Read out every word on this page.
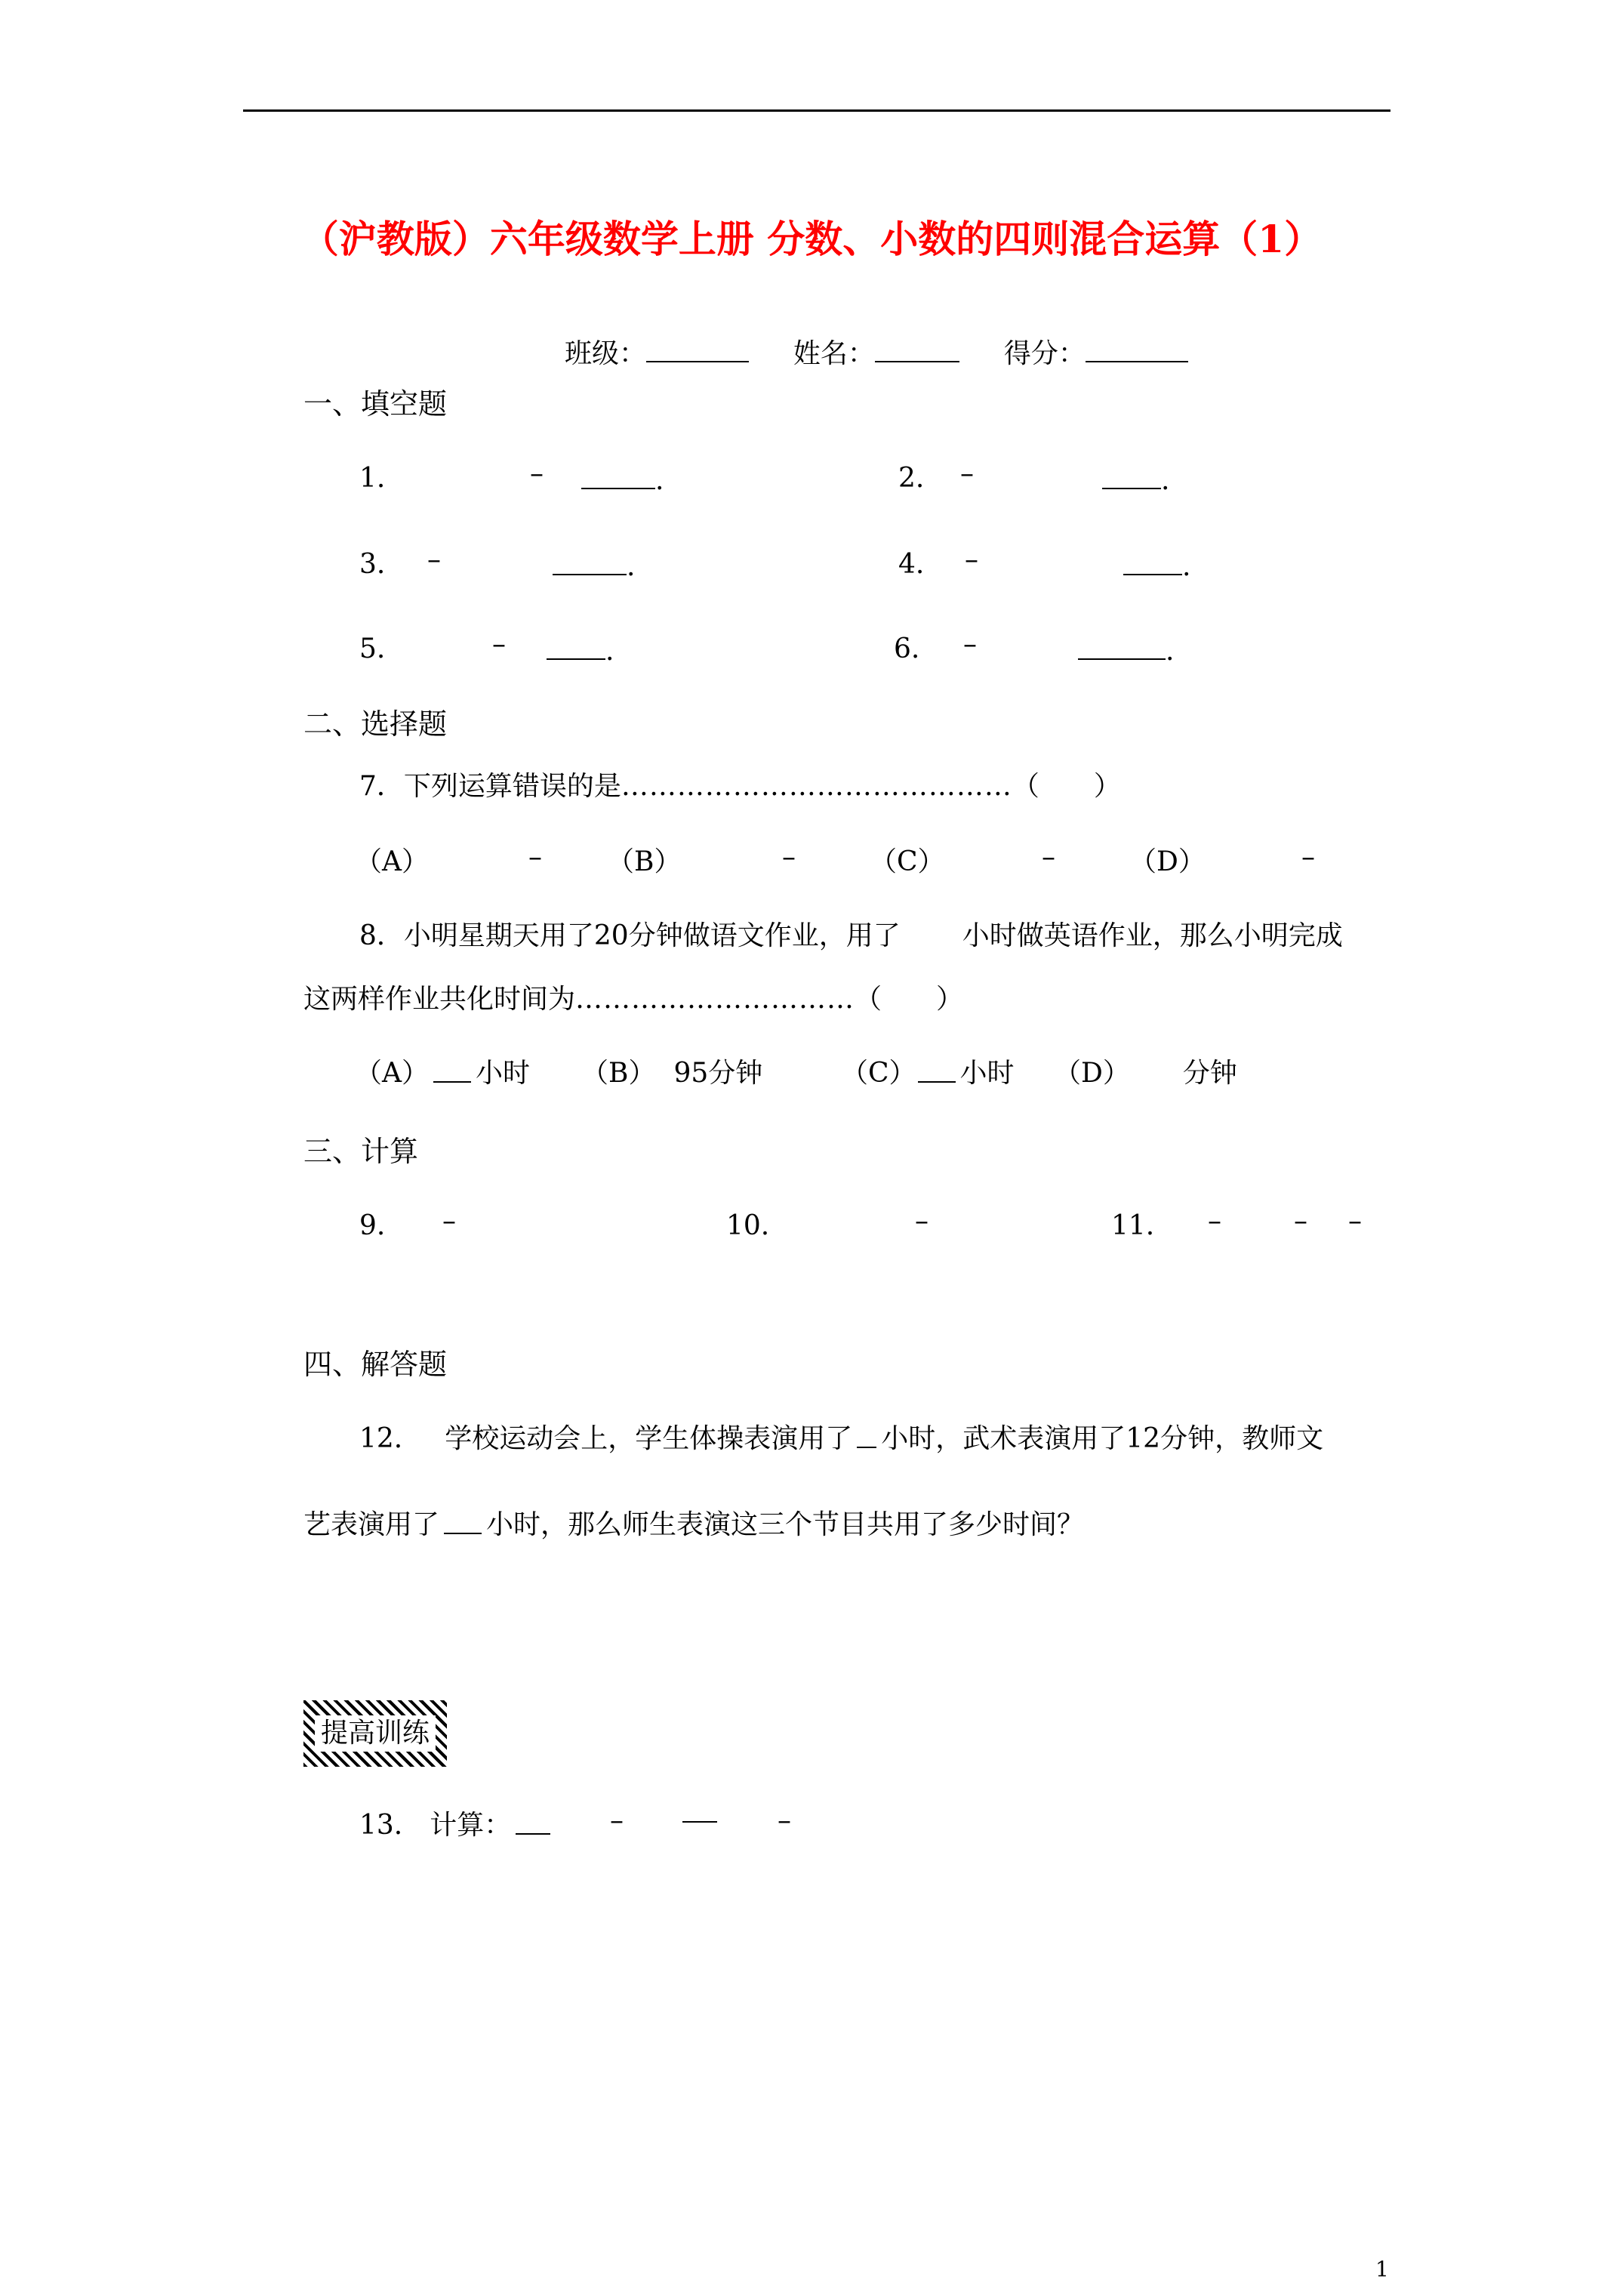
（沪教版）六年级数学上册 分数、小数的四则混合运算（1）
班级：	姓名：	得分：
一、填空题
1.	–	.	2. –	.
3. –	.	4. –	.
5.	–	.	6. –	.
二、选择题
7．下列运算错误的是……………………………………（　　）
（A）	– （B）	–	（C）	–	（D）	–
8．小明星期天用了20分钟做语文作业，用了 小时做英语作业，那么小明完成
这两样作业共化时间为…………………………（　　）
（A） 小时 （B） 95分钟	（C） 小时 （D） 分钟
三、计算
9. –	10.	–	11. –	– –
四、解答题
12. 学校运动会上，学生体操表演用了 小时，武术表演用了12分钟，教师文
艺表演用了 小时，那么师生表演这三个节目共用了多少时间？
提高训练
13. 计算：	–	–
1
